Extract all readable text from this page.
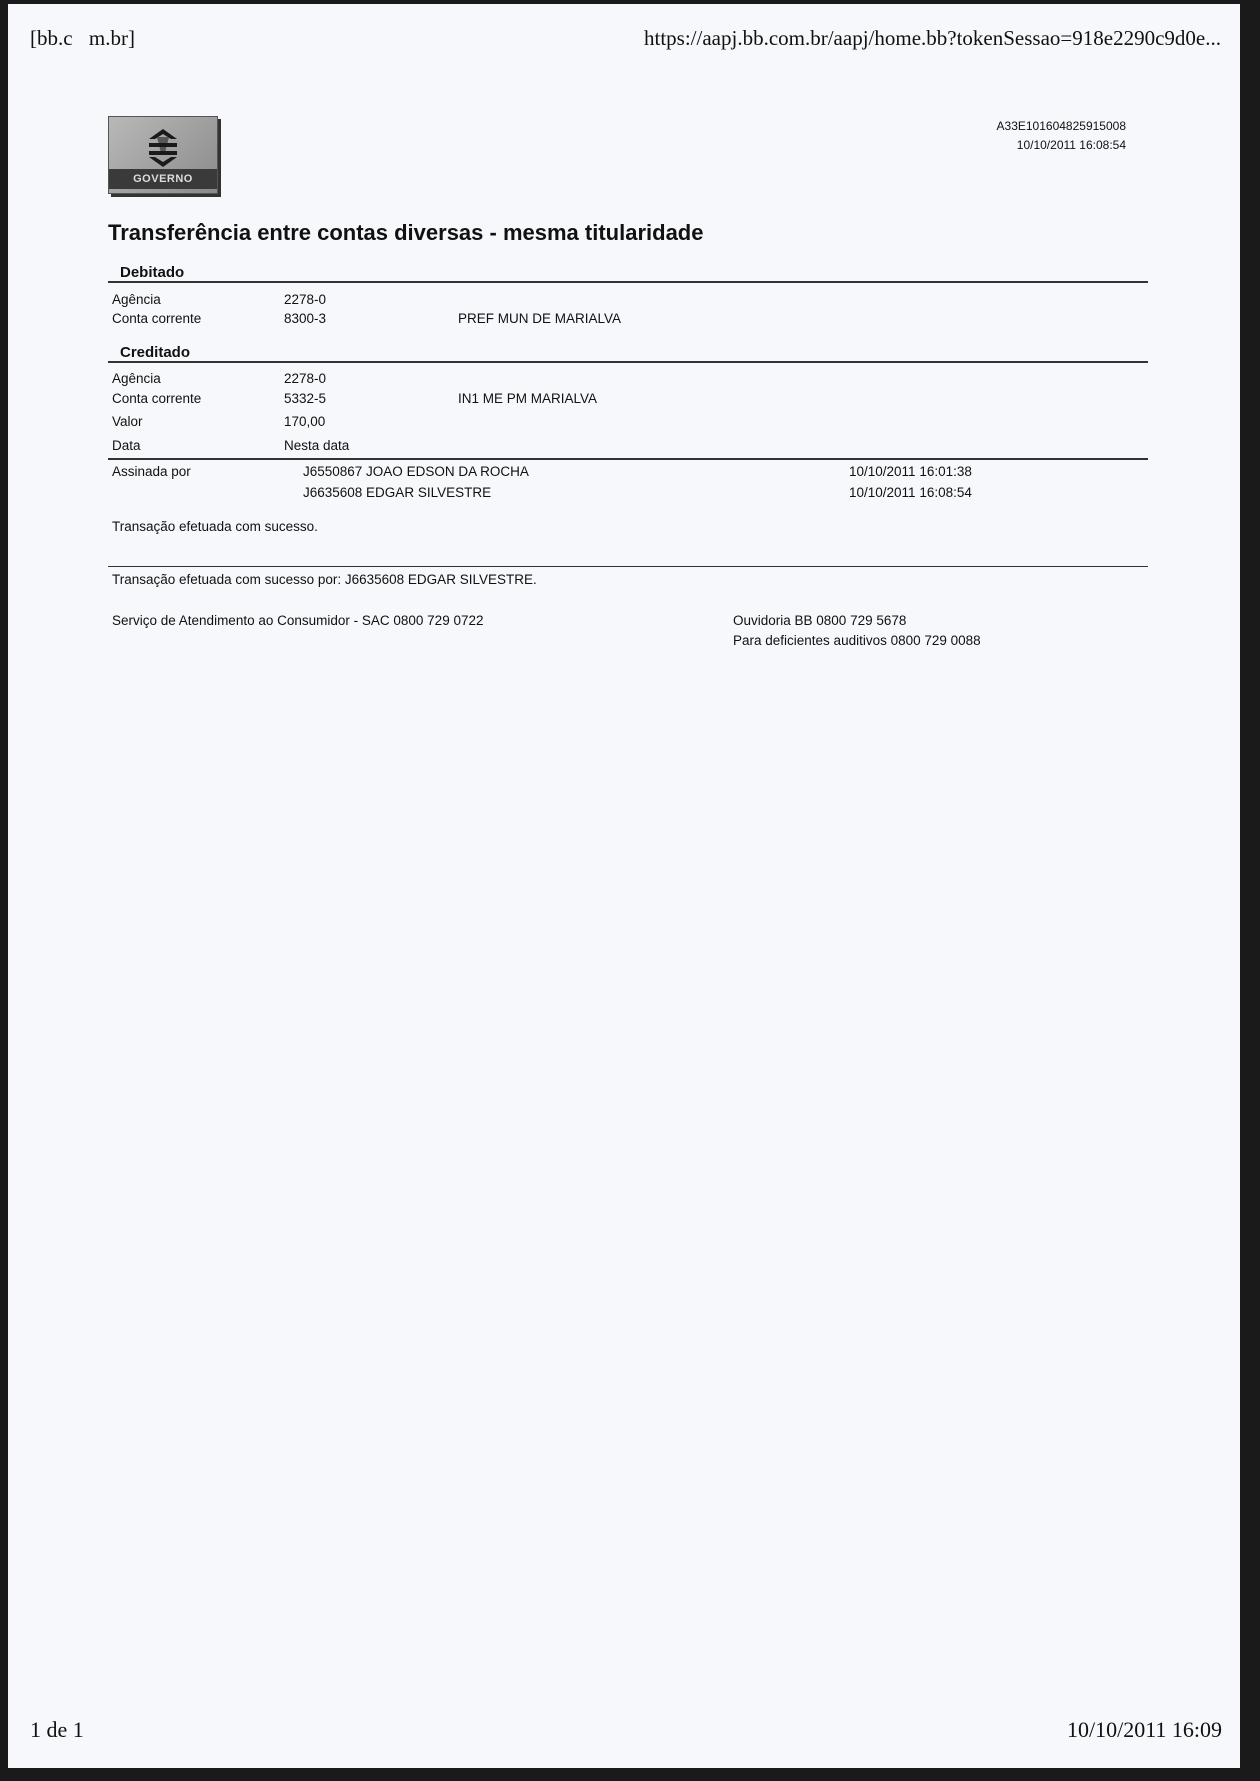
[bb.c m.br]	https://aapj.bb.com.br/aapj/home.bb?tokenSessao=918e2290c9d0e...
GOVERNO
A33E101604825915008
10/10/2011 16:08:54
Transferência entre contas diversas - mesma titularidade
Debitado
Agência	2278-0
Conta corrente	8300-3	PREF MUN DE MARIALVA
Creditado
Agência	2278-0
Conta corrente	5332-5	IN1 ME PM MARIALVA
Valor	170,00
Data	Nesta data
Assinada por	J6550867 JOAO EDSON DA ROCHA	10/10/2011 16:01:38
J6635608 EDGAR SILVESTRE	10/10/2011 16:08:54
Transação efetuada com sucesso.
Transação efetuada com sucesso por: J6635608 EDGAR SILVESTRE.
Serviço de Atendimento ao Consumidor - SAC 0800 729 0722	Ouvidoria BB 0800 729 5678
Para deficientes auditivos 0800 729 0088
1 de 1	10/10/2011 16:09
